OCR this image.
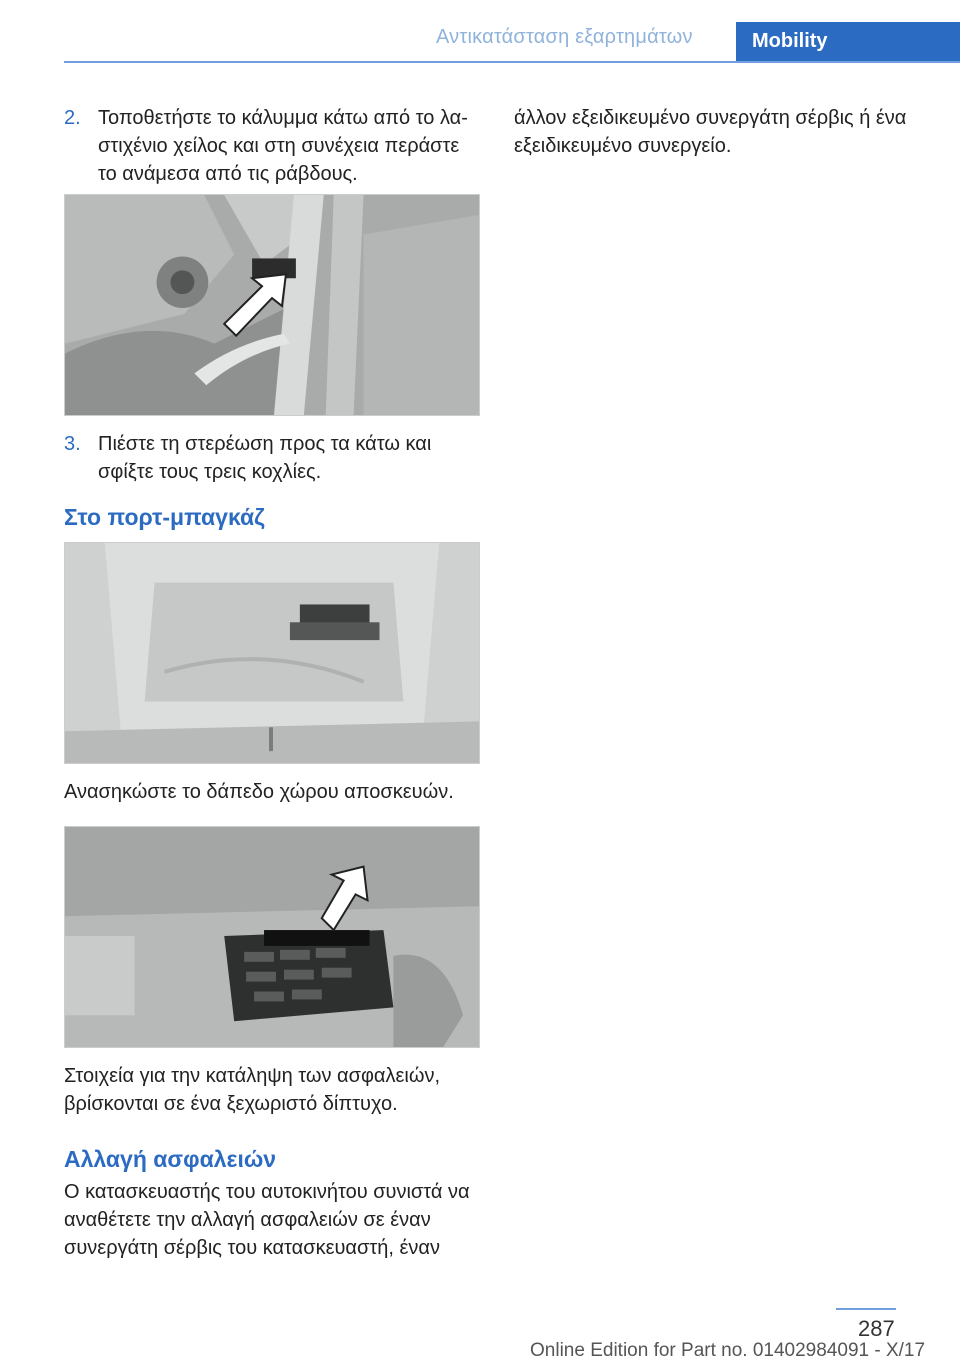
Αντικατάσταση εξαρτημάτων	Mobility
2. Τοποθετήστε το κάλυμμα κάτω από το λαστιχένιο χείλος και στη συνέχεια περάστε το ανάμεσα από τις ράβδους.
3. Πιέστε τη στερέωση προς τα κάτω και σφίξτε τους τρεις κοχλίες.
Στο πορτ-μπαγκάζ
Ανασηκώστε το δάπεδο χώρου αποσκευών.
Στοιχεία για την κατάληψη των ασφαλειών, βρίσκονται σε ένα ξεχωριστό δίπτυχο.
Αλλαγή ασφαλειών
Ο κατασκευαστής του αυτοκινήτου συνιστά να αναθέτετε την αλλαγή ασφαλειών σε έναν συνεργάτη σέρβις του κατασκευαστή, έναν
άλλον εξειδικευμένο συνεργάτη σέρβις ή ένα εξειδικευμένο συνεργείο.
287
Online Edition for Part no. 01402984091 - X/17
